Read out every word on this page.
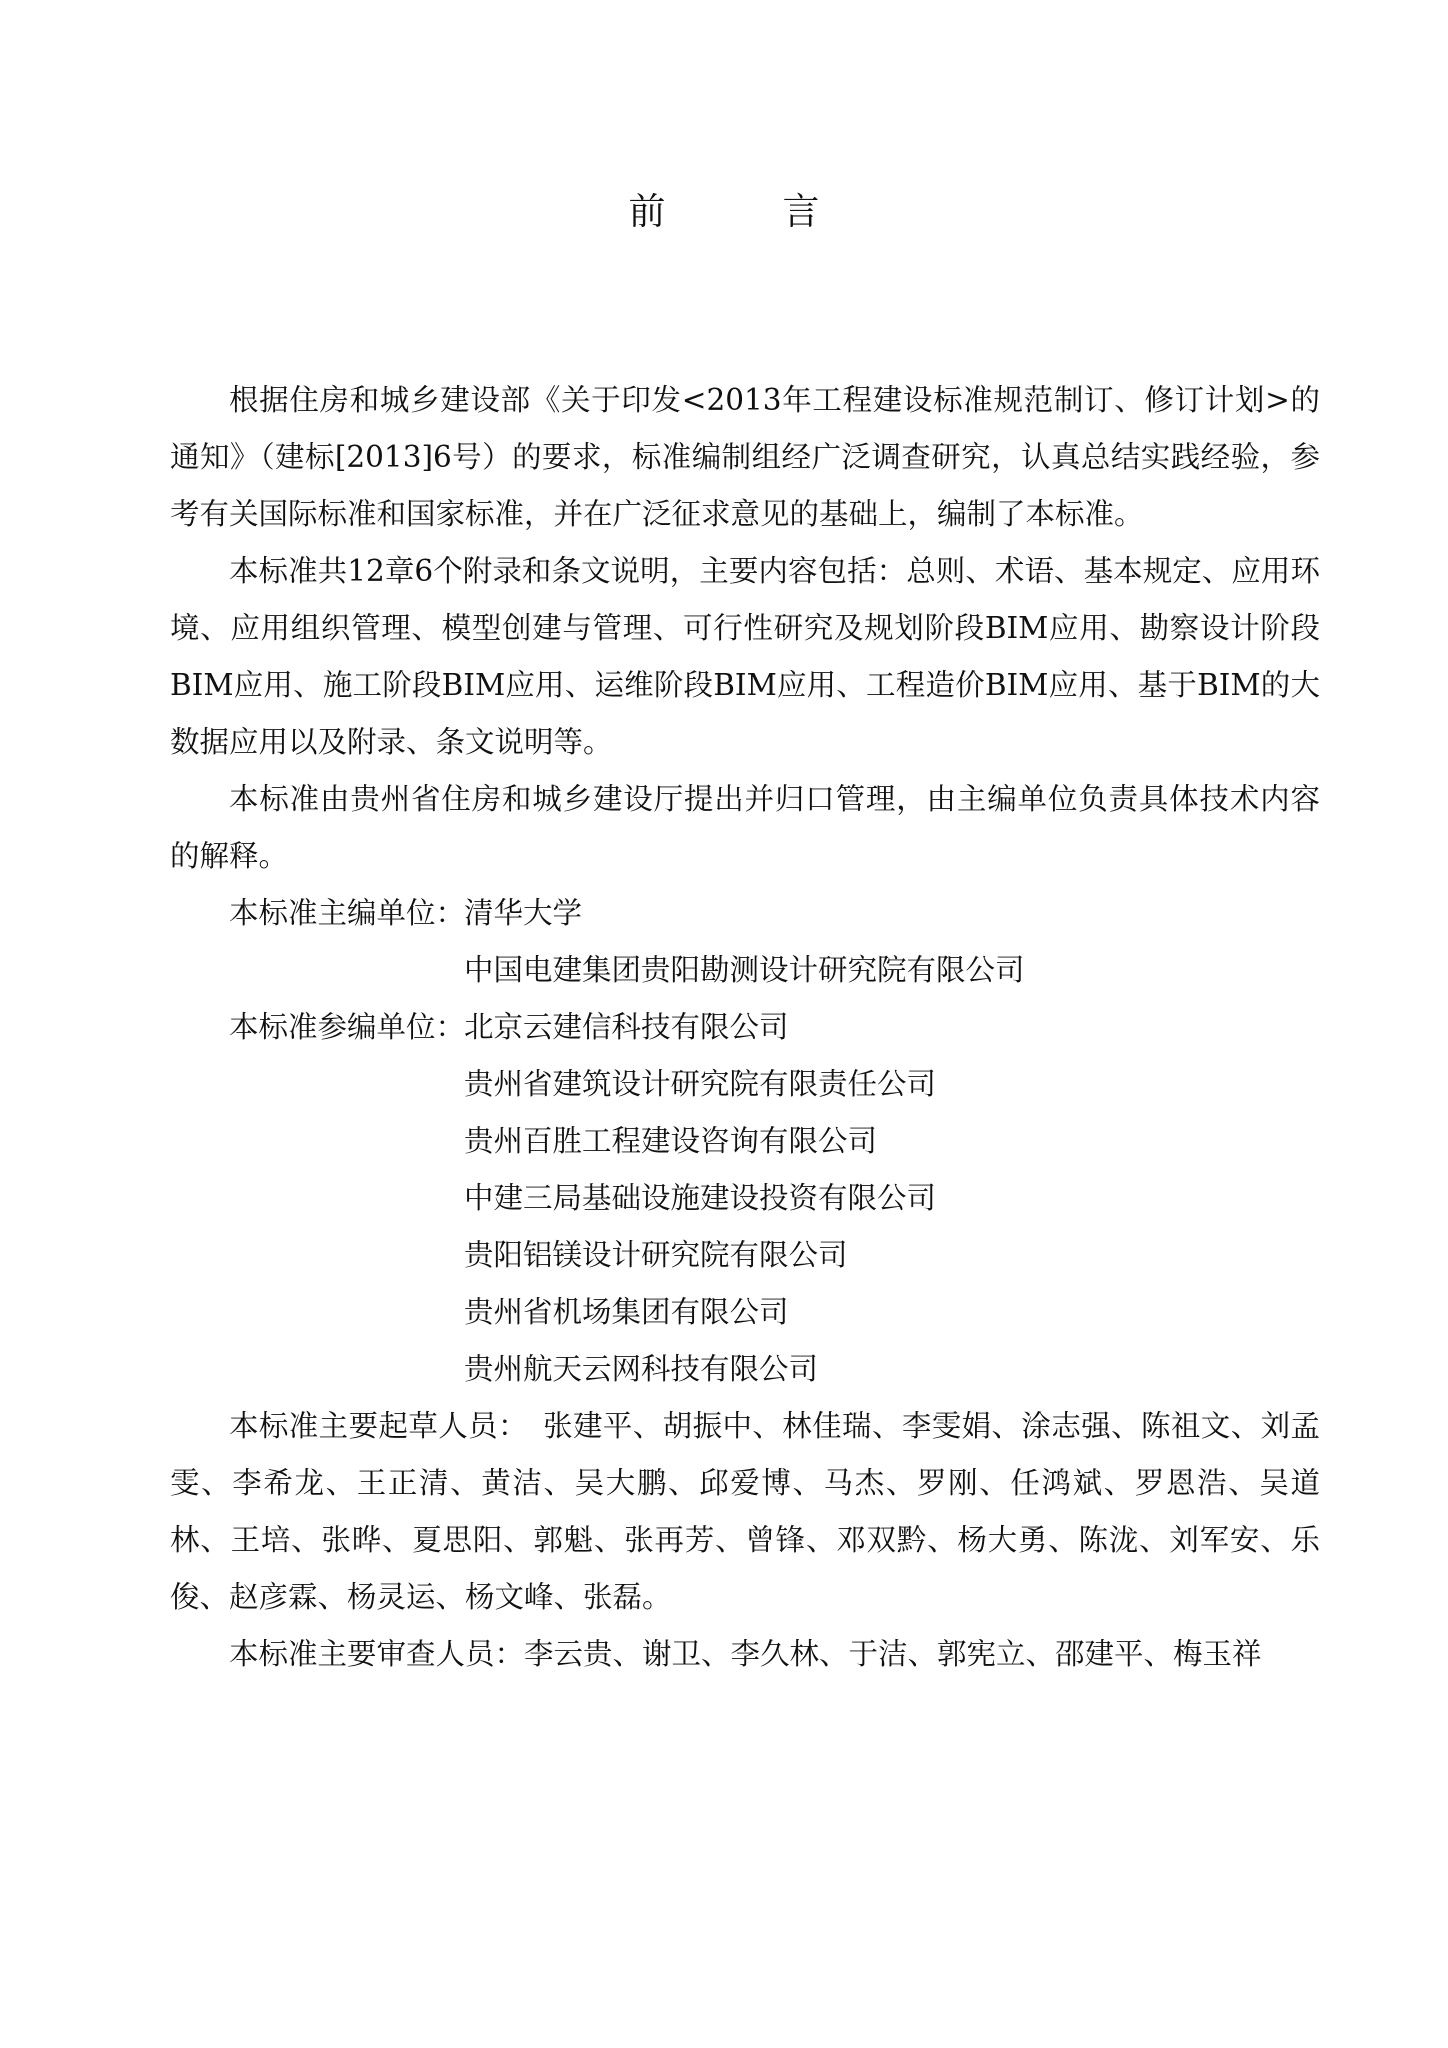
前　言

根据住房和城乡建设部《关于印发<2013年工程建设标准规范制订、修订计划>的通知》（建标[2013]6号）的要求，标准编制组经广泛调查研究，认真总结实践经验，参考有关国际标准和国家标准，并在广泛征求意见的基础上，编制了本标准。

本标准共12章6个附录和条文说明，主要内容包括：总则、术语、基本规定、应用环境、应用组织管理、模型创建与管理、可行性研究及规划阶段BIM应用、勘察设计阶段BIM应用、施工阶段BIM应用、运维阶段BIM应用、工程造价BIM应用、基于BIM的大数据应用以及附录、条文说明等。

本标准由贵州省住房和城乡建设厅提出并归口管理，由主编单位负责具体技术内容的解释。

本标准主编单位：
清华大学
中国电建集团贵阳勘测设计研究院有限公司
本标准参编单位：
北京云建信科技有限公司
贵州省建筑设计研究院有限责任公司
贵州百胜工程建设咨询有限公司
中建三局基础设施建设投资有限公司
贵阳铝镁设计研究院有限公司
贵州省机场集团有限公司
贵州航天云网科技有限公司

本标准主要起草人员：　张建平、胡振中、林佳瑞、李雯娟、涂志强、陈祖文、刘孟雯、李希龙、王正清、黄洁、吴大鹏、邱爱博、马杰、罗刚、任鸿斌、罗恩浩、吴道林、王培、张晔、夏思阳、郭魁、张再芳、曾锋、邓双黔、杨大勇、陈泷、刘军安、乐俊、赵彦霖、杨灵运、杨文峰、张磊。

本标准主要审查人员：李云贵、谢卫、李久林、于洁、郭宪立、邵建平、梅玉祥
